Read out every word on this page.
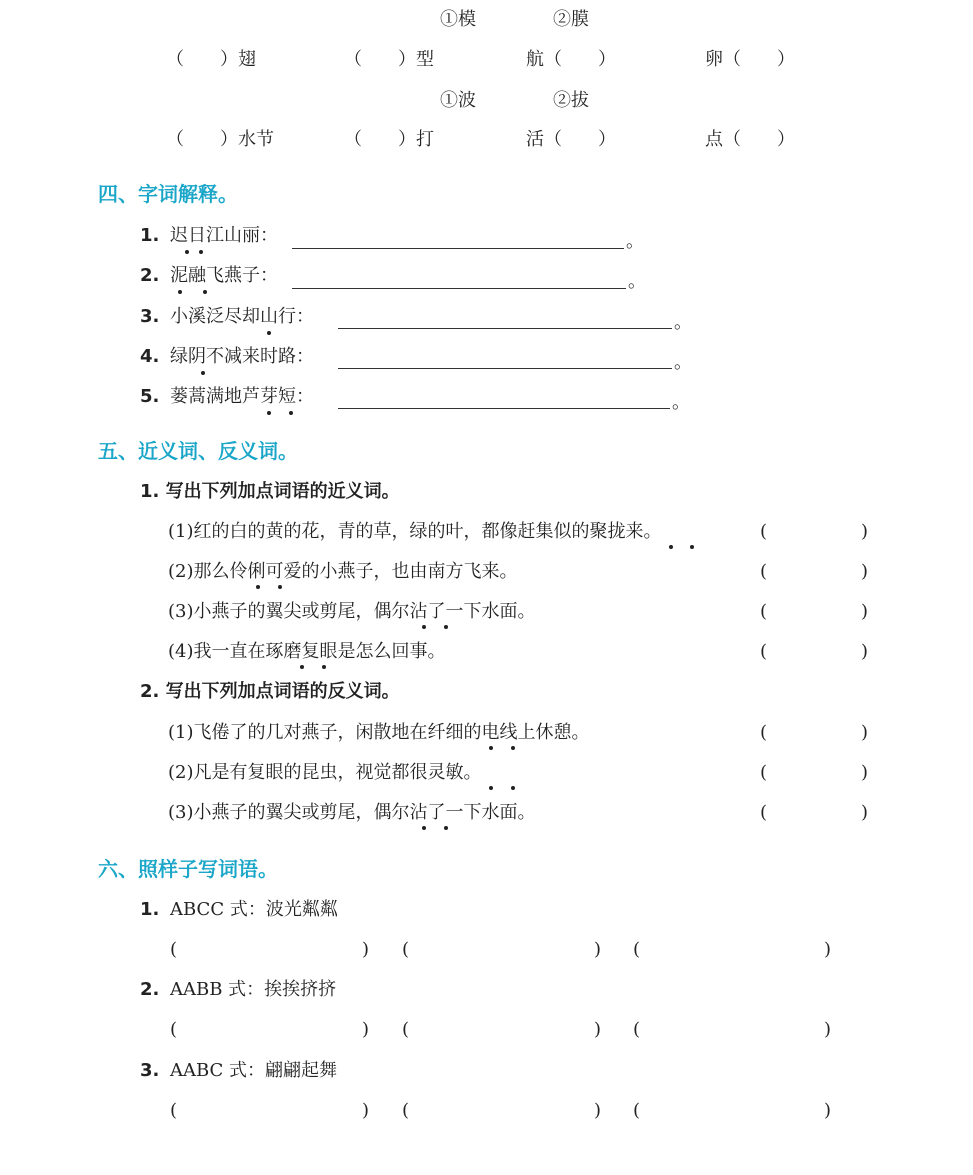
①模	②膜
（　　）翅	（　　）型	航（　　）	卵（　　）
①波	②拔
（　　）水节	（　　）打	活（　　）	点（　　）
四、字词解释。
1. 迟日江山丽：	。
2. 泥融飞燕子：	。
3. 小溪泛尽却山行：	。
4. 绿阴不减来时路：	。
5. 蒌蒿满地芦芽短：	。
五、近义词、反义词。
1. 写出下列加点词语的近义词。
(1)红的白的黄的花，青的草，绿的叶，都像赶集似的聚拢来。	(	)
(2)那么伶俐可爱的小燕子，也由南方飞来。	(	)
(3)小燕子的翼尖或剪尾，偶尔沾了一下水面。	(	)
(4)我一直在琢磨复眼是怎么回事。	(	)
2. 写出下列加点词语的反义词。
(1)飞倦了的几对燕子，闲散地在纤细的电线上休憩。	(	)
(2)凡是有复眼的昆虫，视觉都很灵敏。	(	)
(3)小燕子的翼尖或剪尾，偶尔沾了一下水面。	(	)
六、照样子写词语。
1. ABCC 式：波光粼粼
(	) (	) (	)
2. AABB 式：挨挨挤挤
(	) (	) (	)
3. AABC 式：翩翩起舞
(	) (	) (	)
